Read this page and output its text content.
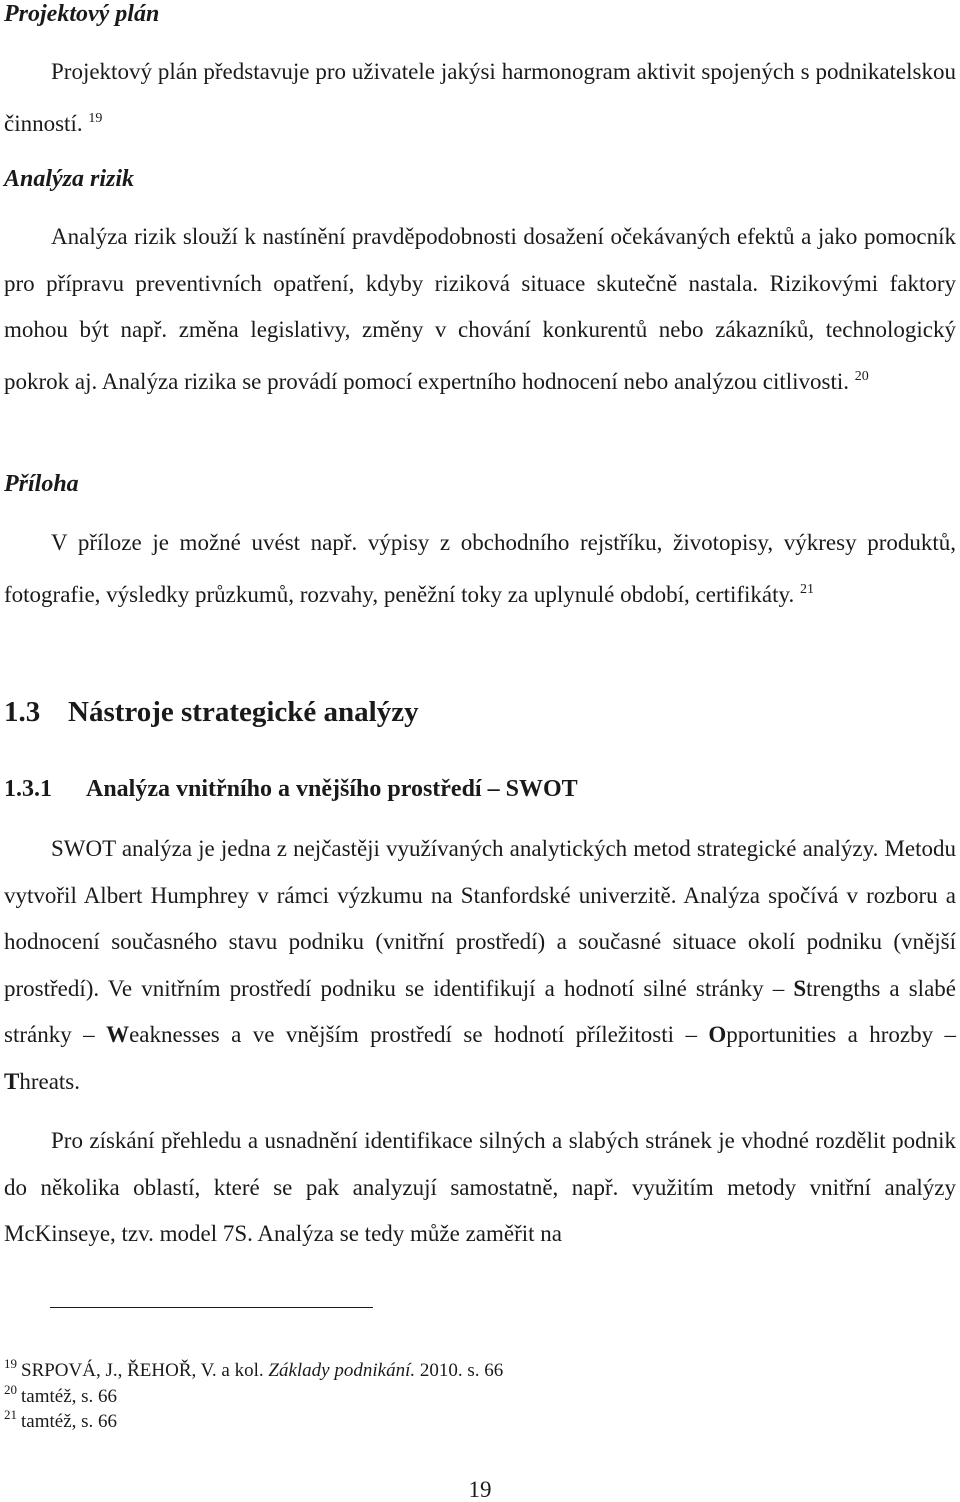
Projektový plán

Projektový plán představuje pro uživatele jakýsi harmonogram aktivit spojených s podnikatelskou činností. $^{19}$

Analýza rizik

Analýza rizik slouží k nastínění pravděpodobnosti dosažení očekávaných efektů a jako pomocník pro přípravu preventivních opatření, kdyby riziková situace skutečně nastala. Rizikovými faktory mohou být např. změna legislativy, změny v chování konkurentů nebo zákazníků, technologický pokrok aj. Analýza rizika se provádí pomocí expertního hodnocení nebo analýzou citlivosti. $^{20}$

Příloha

V příloze je možné uvést např. výpisy z obchodního rejstříku, životopisy, výkresy produktů, fotografie, výsledky průzkumů, rozvahy, peněžní toky za uplynulé období, certifikáty. $^{21}$

1.3 Nástroje strategické analýzy
1.3.1 Analýza vnitřního a vnějšího prostředí – SWOT

SWOT analýza je jedna z nejčastěji využívaných analytických metod strategické analýzy. Metodu vytvořil Albert Humphrey v rámci výzkumu na Stanfordské univerzitě. Analýza spočívá v rozboru a hodnocení současného stavu podniku (vnitřní prostředí) a současné situace okolí podniku (vnější prostředí). Ve vnitřním prostředí podniku se identifikují a hodnotí silné stránky – Strengths a slabé stránky – Weaknesses a ve vnějším prostředí se hodnotí příležitosti – Opportunities a hrozby – Threats.

Pro získání přehledu a usnadnění identifikace silných a slabých stránek je vhodné rozdělit podnik do několika oblastí, které se pak analyzují samostatně, např. využitím metody vnitřní analýzy McKinseye, tzv. model 7S. Analýza se tedy může zaměřit na

$^{19}$ SRPOVÁ, J., ŘEHOŘ, V. a kol. Základy podnikání. 2010. s. 66

$^{20}$ tamtéž, s. 66

$^{21}$ tamtéž, s. 66

19
